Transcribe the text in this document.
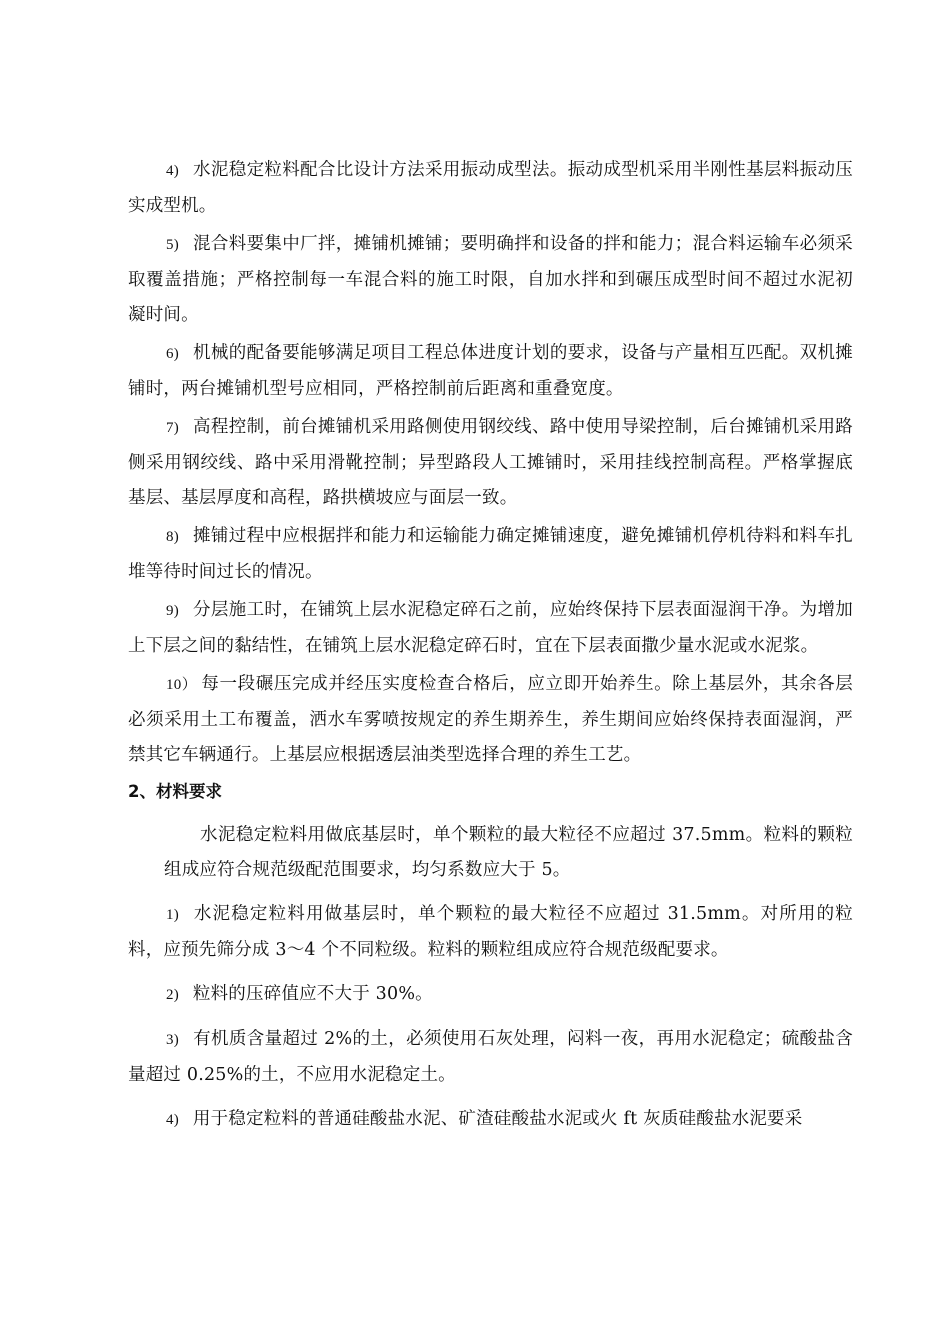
4) 水泥稳定粒料配合比设计方法采用振动成型法。振动成型机采用半刚性基层料振动压实成型机。

5) 混合料要集中厂拌，摊铺机摊铺；要明确拌和设备的拌和能力；混合料运输车必须采取覆盖措施；严格控制每一车混合料的施工时限，自加水拌和到碾压成型时间不超过水泥初凝时间。

6) 机械的配备要能够满足项目工程总体进度计划的要求，设备与产量相互匹配。双机摊铺时，两台摊铺机型号应相同，严格控制前后距离和重叠宽度。

7) 高程控制，前台摊铺机采用路侧使用钢绞线、路中使用导梁控制，后台摊铺机采用路侧采用钢绞线、路中采用滑靴控制；异型路段人工摊铺时，采用挂线控制高程。严格掌握底基层、基层厚度和高程，路拱横坡应与面层一致。

8) 摊铺过程中应根据拌和能力和运输能力确定摊铺速度，避免摊铺机停机待料和料车扎堆等待时间过长的情况。

9) 分层施工时，在铺筑上层水泥稳定碎石之前，应始终保持下层表面湿润干净。为增加上下层之间的黏结性，在铺筑上层水泥稳定碎石时，宜在下层表面撒少量水泥或水泥浆。

10） 每一段碾压完成并经压实度检查合格后，应立即开始养生。除上基层外，其余各层必须采用土工布覆盖，洒水车雾喷按规定的养生期养生，养生期间应始终保持表面湿润，严禁其它车辆通行。上基层应根据透层油类型选择合理的养生工艺。

2、材料要求

水泥稳定粒料用做底基层时，单个颗粒的最大粒径不应超过 37.5mm。粒料的颗粒组成应符合规范级配范围要求，均匀系数应大于 5。

1) 水泥稳定粒料用做基层时，单个颗粒的最大粒径不应超过 31.5mm。对所用的粒料，应预先筛分成 3～4 个不同粒级。粒料的颗粒组成应符合规范级配要求。

2) 粒料的压碎值应不大于 30%。

3) 有机质含量超过 2%的土，必须使用石灰处理，闷料一夜，再用水泥稳定；硫酸盐含量超过 0.25%的土，不应用水泥稳定土。

4) 用于稳定粒料的普通硅酸盐水泥、矿渣硅酸盐水泥或火 ft 灰质硅酸盐水泥要采
